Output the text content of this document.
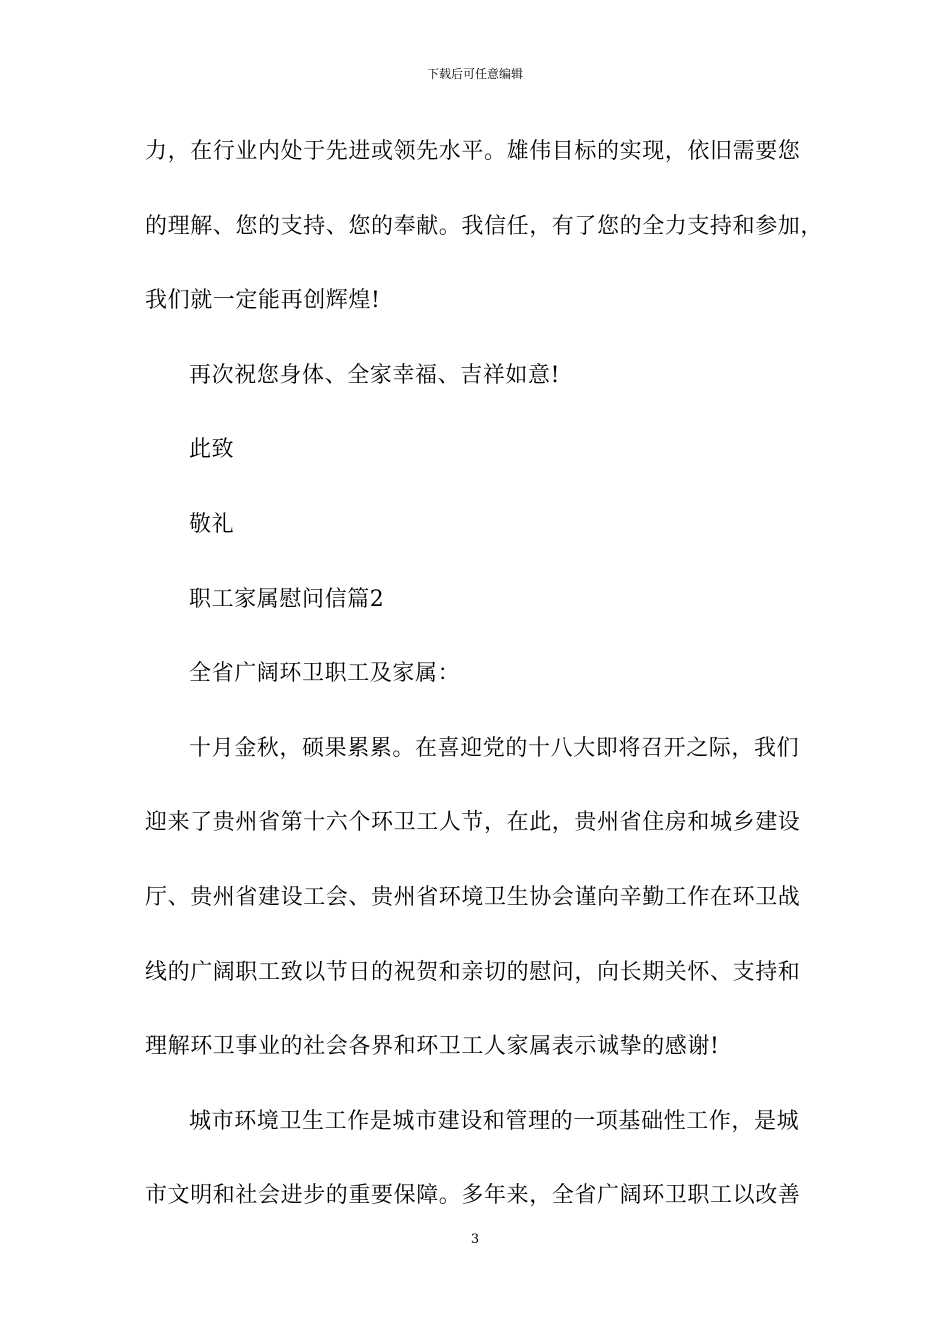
下载后可任意编辑
力，在行业内处于先进或领先水平。雄伟目标的实现，依旧需要您
的理解、您的支持、您的奉献。我信任，有了您的全力支持和参加，
我们就一定能再创辉煌!
再次祝您身体、全家幸福、吉祥如意!
此致
敬礼
职工家属慰问信篇2
全省广阔环卫职工及家属：
十月金秋，硕果累累。在喜迎党的十八大即将召开之际，我们
迎来了贵州省第十六个环卫工人节，在此，贵州省住房和城乡建设
厅、贵州省建设工会、贵州省环境卫生协会谨向辛勤工作在环卫战
线的广阔职工致以节日的祝贺和亲切的慰问，向长期关怀、支持和
理解环卫事业的社会各界和环卫工人家属表示诚挚的感谢!
城市环境卫生工作是城市建设和管理的一项基础性工作，是城
市文明和社会进步的重要保障。多年来，全省广阔环卫职工以改善
3
